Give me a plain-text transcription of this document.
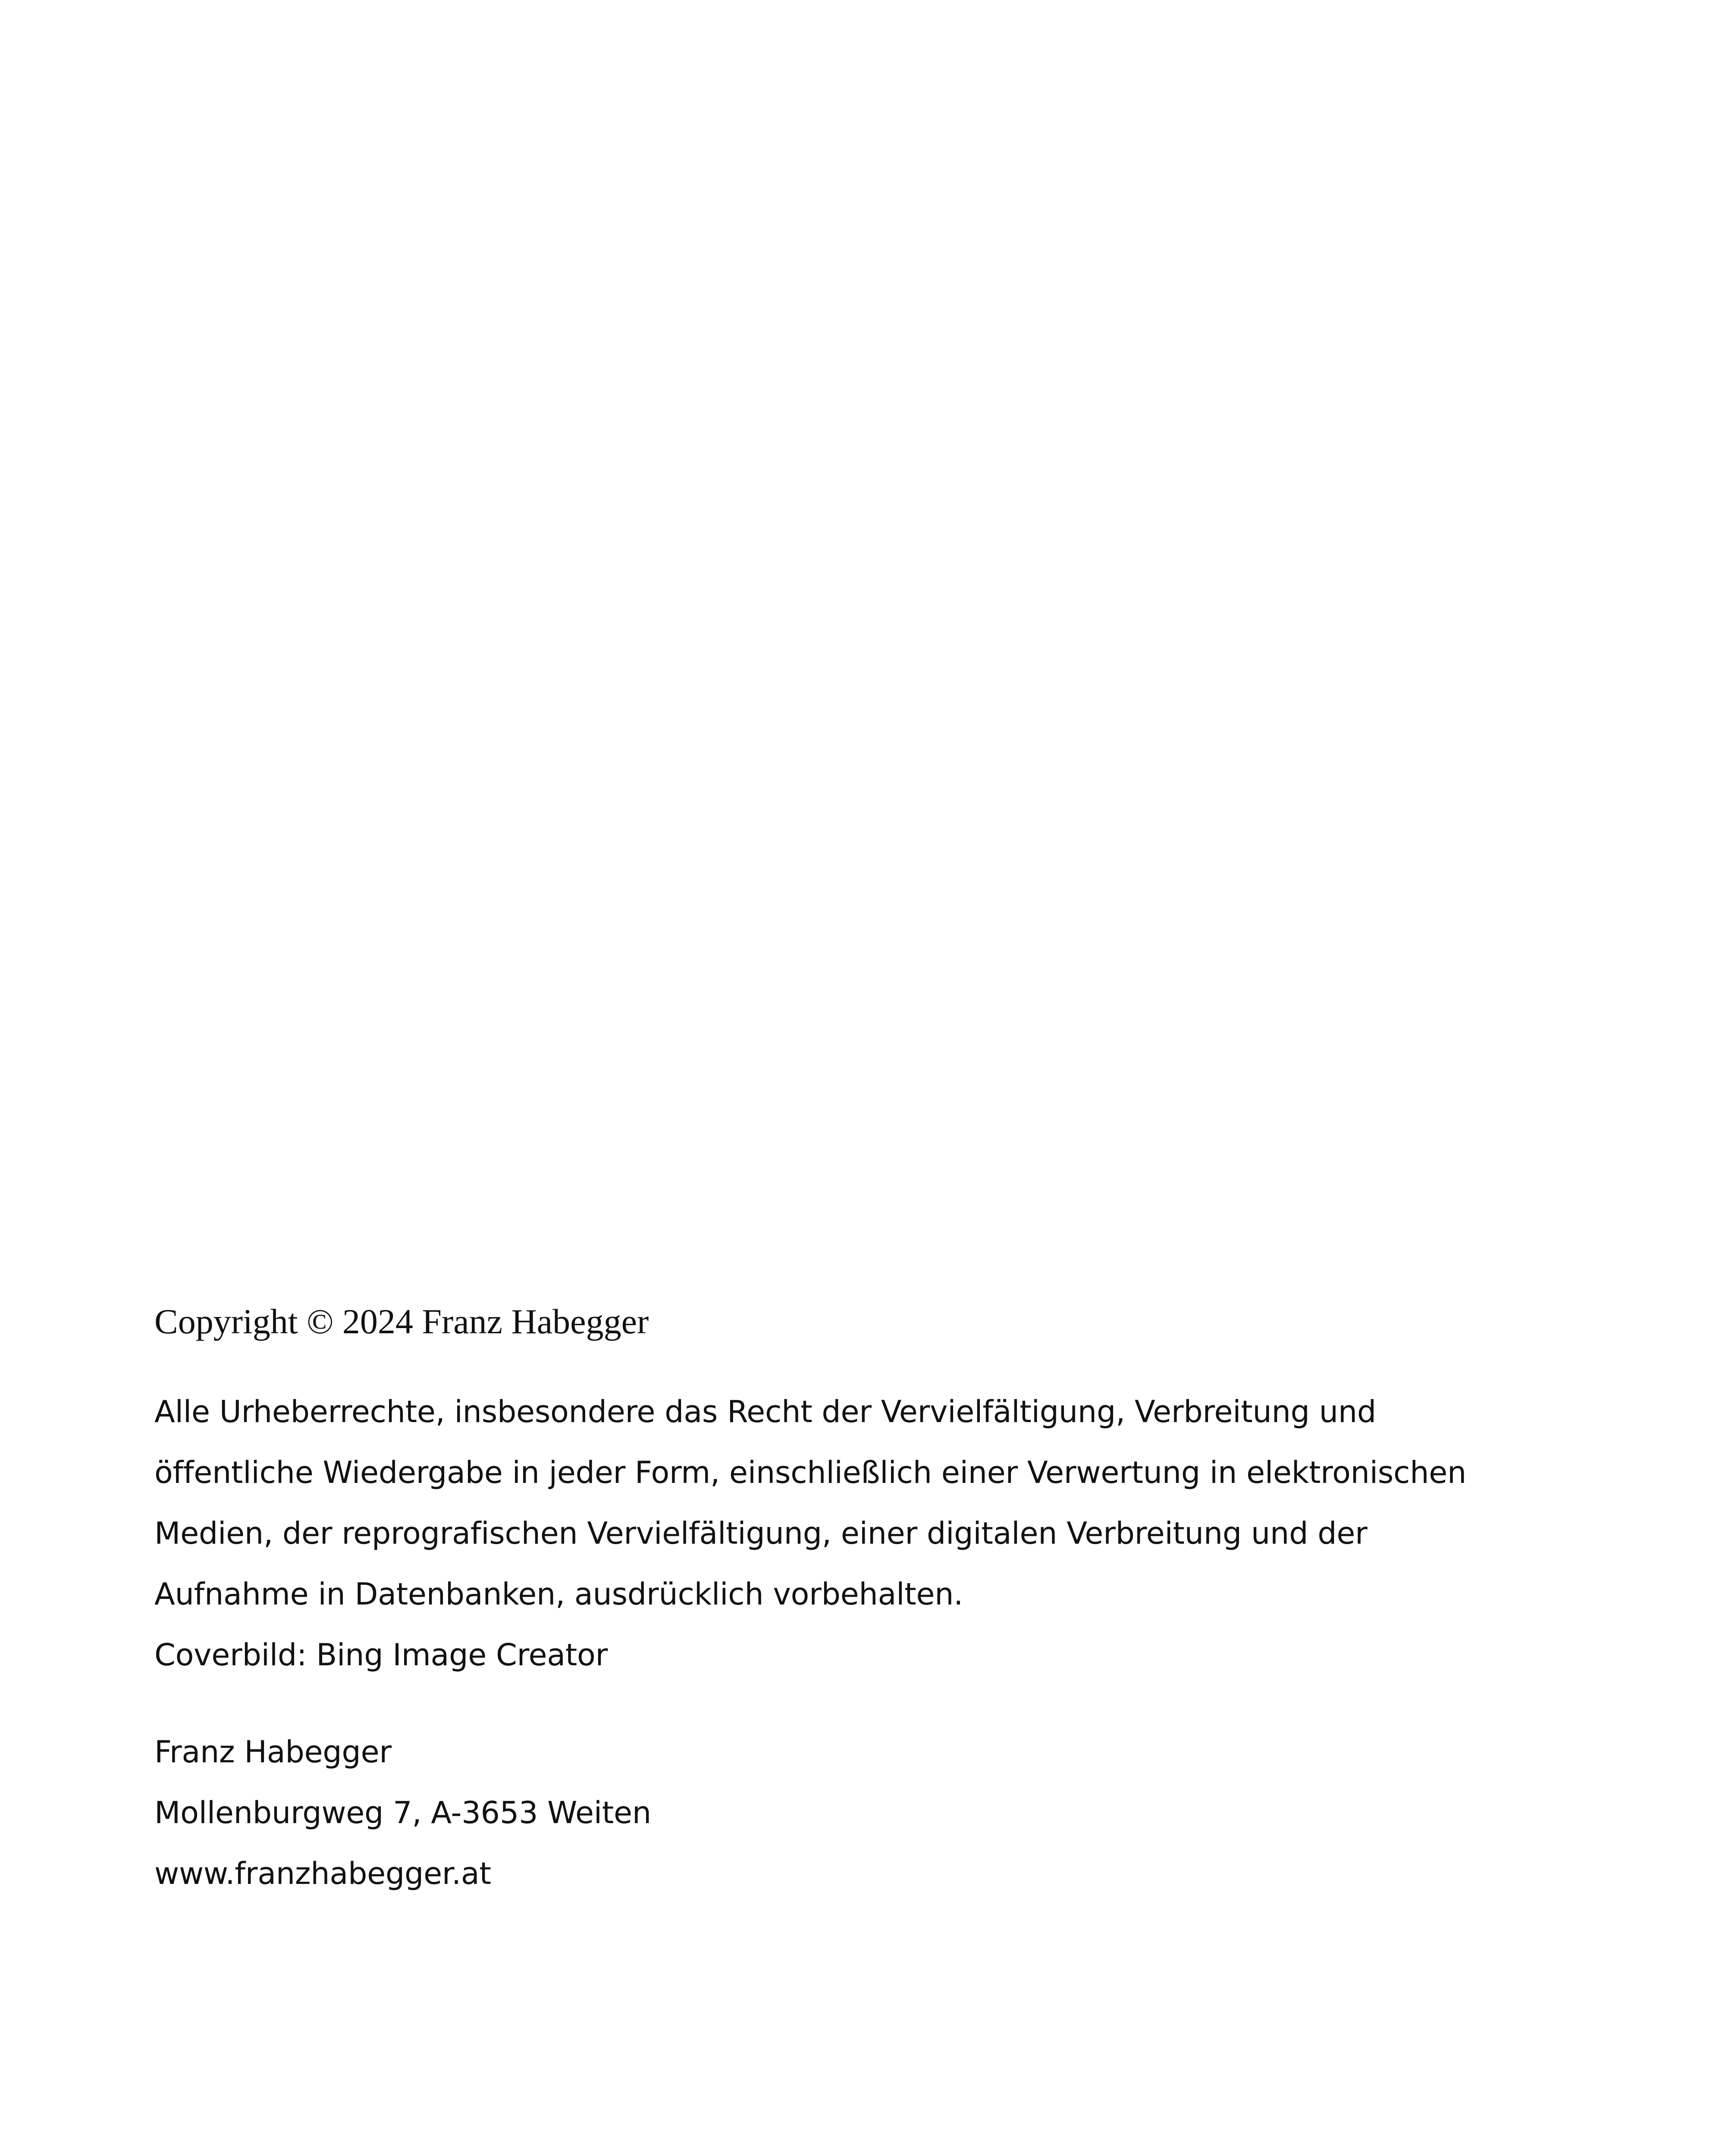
Copyright © 2024 Franz Habegger

Alle Urheberrechte, insbesondere das Recht der Vervielfältigung, Verbreitung und
öffentliche Wiedergabe in jeder Form, einschließlich einer Verwertung in elektronischen
Medien, der reprografischen Vervielfältigung, einer digitalen Verbreitung und der
Aufnahme in Datenbanken, ausdrücklich vorbehalten.
Coverbild: Bing Image Creator

Franz Habegger
Mollenburgweg 7, A-3653 Weiten
www.franzhabegger.at
